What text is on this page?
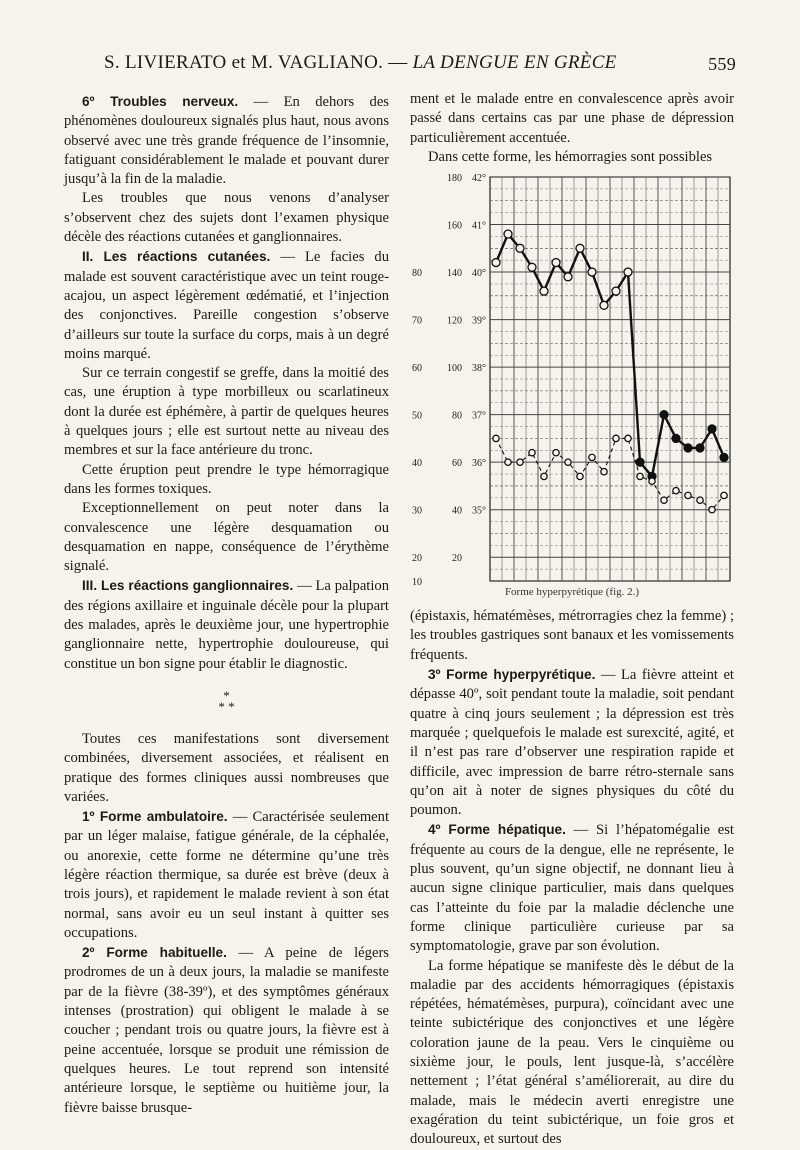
S. LIVIERATO et M. VAGLIANO. — LA DENGUE EN GRÈCE	559

6º Troubles nerveux. — En dehors des phénomènes douloureux signalés plus haut, nous avons observé avec une très grande fréquence de l’insomnie, fatiguant considérablement le malade et pouvant durer jusqu’à la fin de la maladie.

Les troubles que nous venons d’analyser s’observent chez des sujets dont l’examen physique décèle des réactions cutanées et ganglionnaires.

II. Les réactions cutanées. — Le facies du malade est souvent caractéristique avec un teint rouge-acajou, un aspect légèrement œdématié, et l’injection des conjonctives. Pareille congestion s’observe d’ailleurs sur toute la surface du corps, mais à un degré moins marqué.

Sur ce terrain congestif se greffe, dans la moitié des cas, une éruption à type morbilleux ou scarlatineux dont la durée est éphémère, à partir de quelques heures à quelques jours ; elle est surtout nette au niveau des membres et sur la face antérieure du tronc.

Cette éruption peut prendre le type hémorragique dans les formes toxiques.

Exceptionnellement on peut noter dans la convalescence une légère desquamation ou desquamation en nappe, conséquence de l’érythème signalé.

III. Les réactions ganglionnaires. — La palpation des régions axillaire et inguinale décèle pour la plupart des malades, après le deuxième jour, une hypertrophie ganglionnaire nette, hypertrophie douloureuse, qui constitue un bon signe pour établir le diagnostic.

*
* *

Toutes ces manifestations sont diversement combinées, diversement associées, et réalisent en pratique des formes cliniques aussi nombreuses que variées.

1º Forme ambulatoire. — Caractérisée seulement par un léger malaise, fatigue générale, de la céphalée, ou anorexie, cette forme ne détermine qu’une très légère réaction thermique, sa durée est brève (deux à trois jours), et rapidement le malade revient à son état normal, sans avoir eu un seul instant à quitter ses occupations.

2º Forme habituelle. — A peine de légers prodromes de un à deux jours, la maladie se manifeste par de la fièvre (38-39º), et des symptômes généraux intenses (prostration) qui obligent le malade à se coucher ; pendant trois ou quatre jours, la fièvre est à peine accentuée, lorsque se produit une rémission de quelques heures. Le tout reprend son intensité antérieure lorsque, le septième ou huitième jour, la fièvre baisse brusque-

ment et le malade entre en convalescence après avoir passé dans certains cas par une phase de dépression particulièrement accentuée.

Dans cette forme, les hémorragies sont possibles

35°
36°
37°
38°
39°
40°
41°
42°
20
40
60
80
100
120
140
160
180
10
20
30
40
50
60
70
80
Forme hyperpyrétique (fig. 2.)

(épistaxis, hématémèses, métrorragies chez la femme) ; les troubles gastriques sont banaux et les vomissements fréquents.

3º Forme hyperpyrétique. — La fièvre atteint et dépasse 40º, soit pendant toute la maladie, soit pendant quatre à cinq jours seulement ; la dépression est très marquée ; quelquefois le malade est surexcité, agité, et il n’est pas rare d’observer une respiration rapide et difficile, avec impression de barre rétro-sternale sans qu’on ait à noter de signes physiques du côté du poumon.

4º Forme hépatique. — Si l’hépatomégalie est fréquente au cours de la dengue, elle ne représente, le plus souvent, qu’un signe objectif, ne donnant lieu à aucun signe clinique particulier, mais dans quelques cas l’atteinte du foie par la maladie déclenche une forme clinique particulière curieuse par sa symptomatologie, grave par son évolution.

La forme hépatique se manifeste dès le début de la maladie par des accidents hémorragiques (épistaxis répétées, hématémèses, purpura), coïncidant avec une teinte subictérique des conjonctives et une légère coloration jaune de la peau. Vers le cinquième ou sixième jour, le pouls, lent jusque-là, s’accélère nettement ; l’état général s’améliorerait, au dire du malade, mais le médecin averti enregistre une exagération du teint subictérique, un foie gros et douloureux, et surtout des
